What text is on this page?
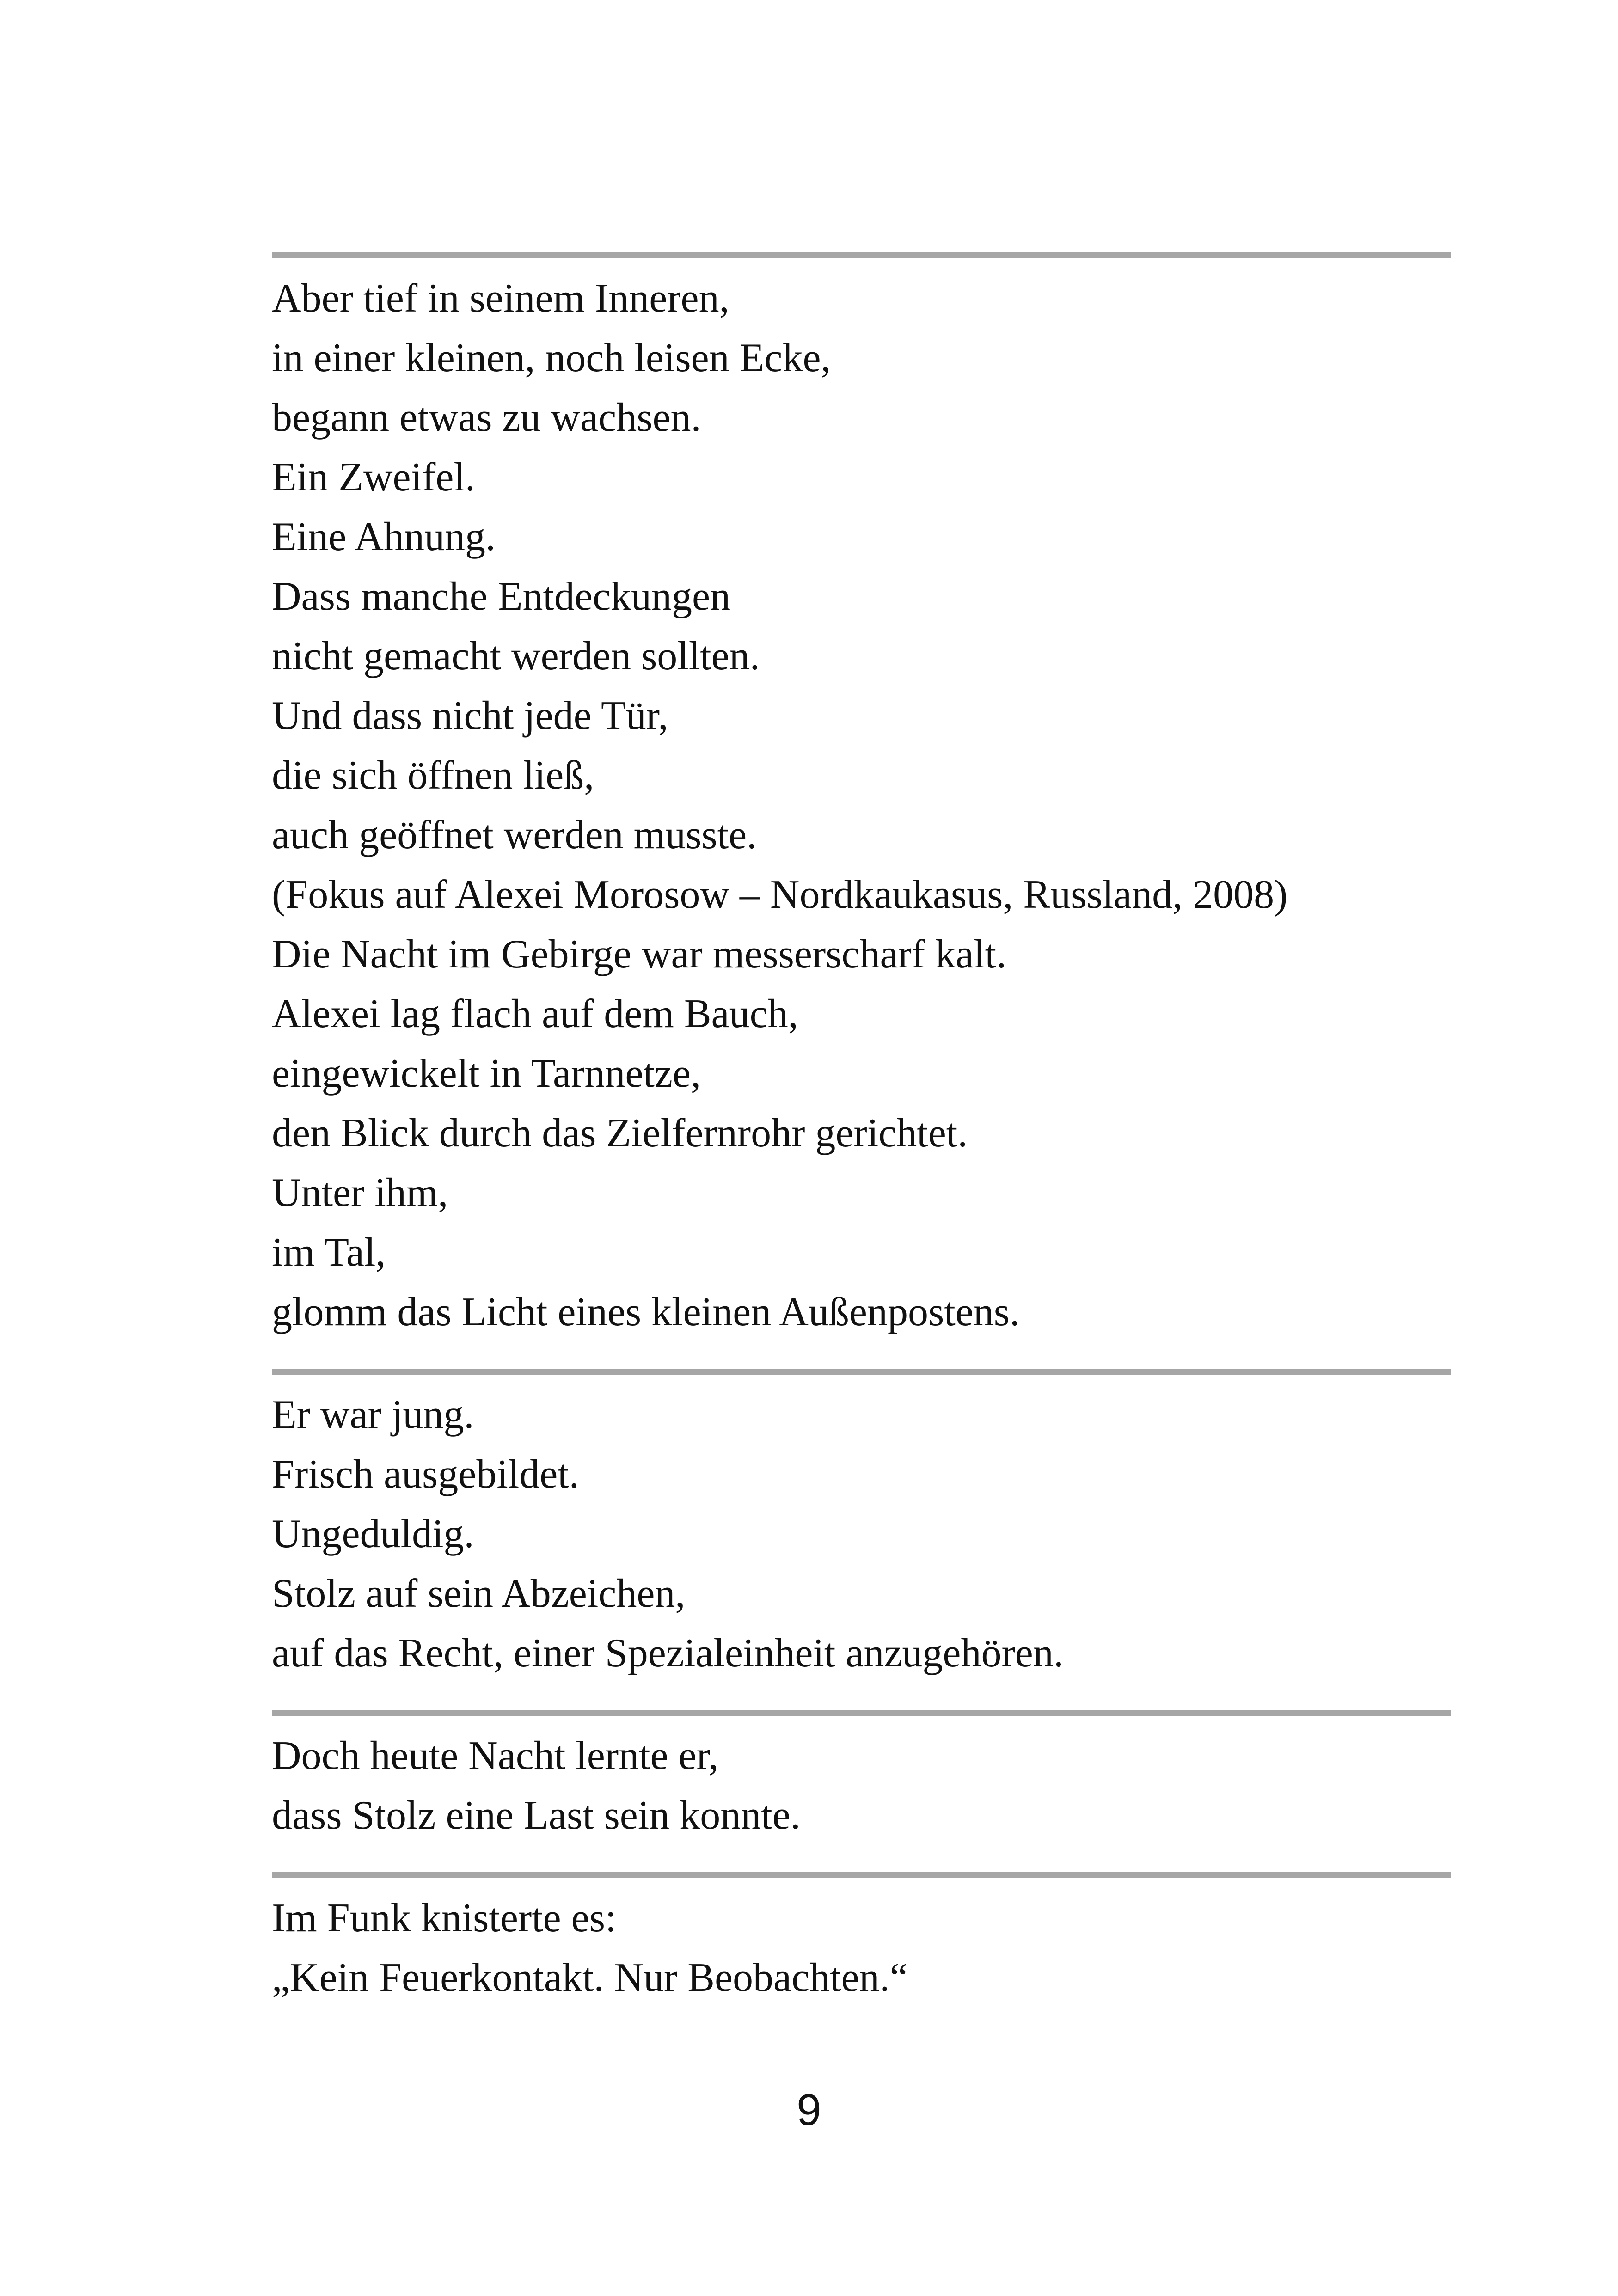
Aber tief in seinem Inneren,
in einer kleinen, noch leisen Ecke,
begann etwas zu wachsen.
Ein Zweifel.
Eine Ahnung.
Dass manche Entdeckungen
nicht gemacht werden sollten.
Und dass nicht jede Tür,
die sich öffnen ließ,
auch geöffnet werden musste.
(Fokus auf Alexei Morosow – Nordkaukasus, Russland, 2008)
Die Nacht im Gebirge war messerscharf kalt.
Alexei lag flach auf dem Bauch,
eingewickelt in Tarnnetze,
den Blick durch das Zielfernrohr gerichtet.
Unter ihm,
im Tal,
glomm das Licht eines kleinen Außenpostens.
Er war jung.
Frisch ausgebildet.
Ungeduldig.
Stolz auf sein Abzeichen,
auf das Recht, einer Spezialeinheit anzugehören.
Doch heute Nacht lernte er,
dass Stolz eine Last sein konnte.
Im Funk knisterte es:
„Kein Feuerkontakt. Nur Beobachten.“
9
